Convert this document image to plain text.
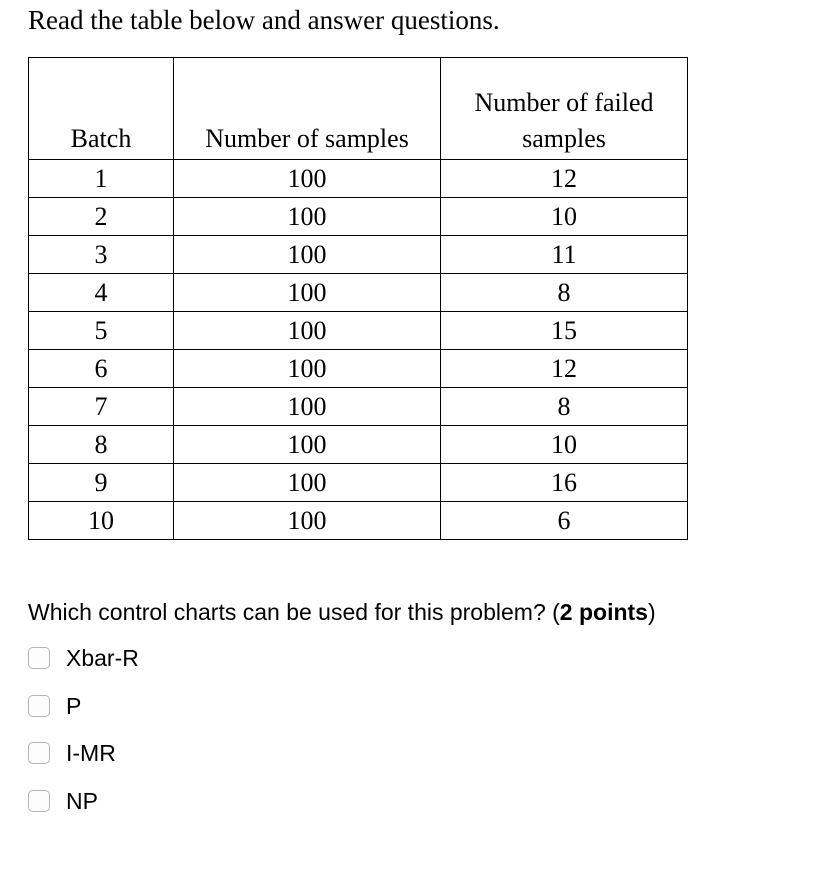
Read the table below and answer questions.
Batch	Number of samples	Number of failed
samples
1	100	12
2	100	10
3	100	11
4	100	8
5	100	15
6	100	12
7	100	8
8	100	10
9	100	16
10	100	6
Which control charts can be used for this problem? (2 points)
Xbar-R
P
I-MR
NP
